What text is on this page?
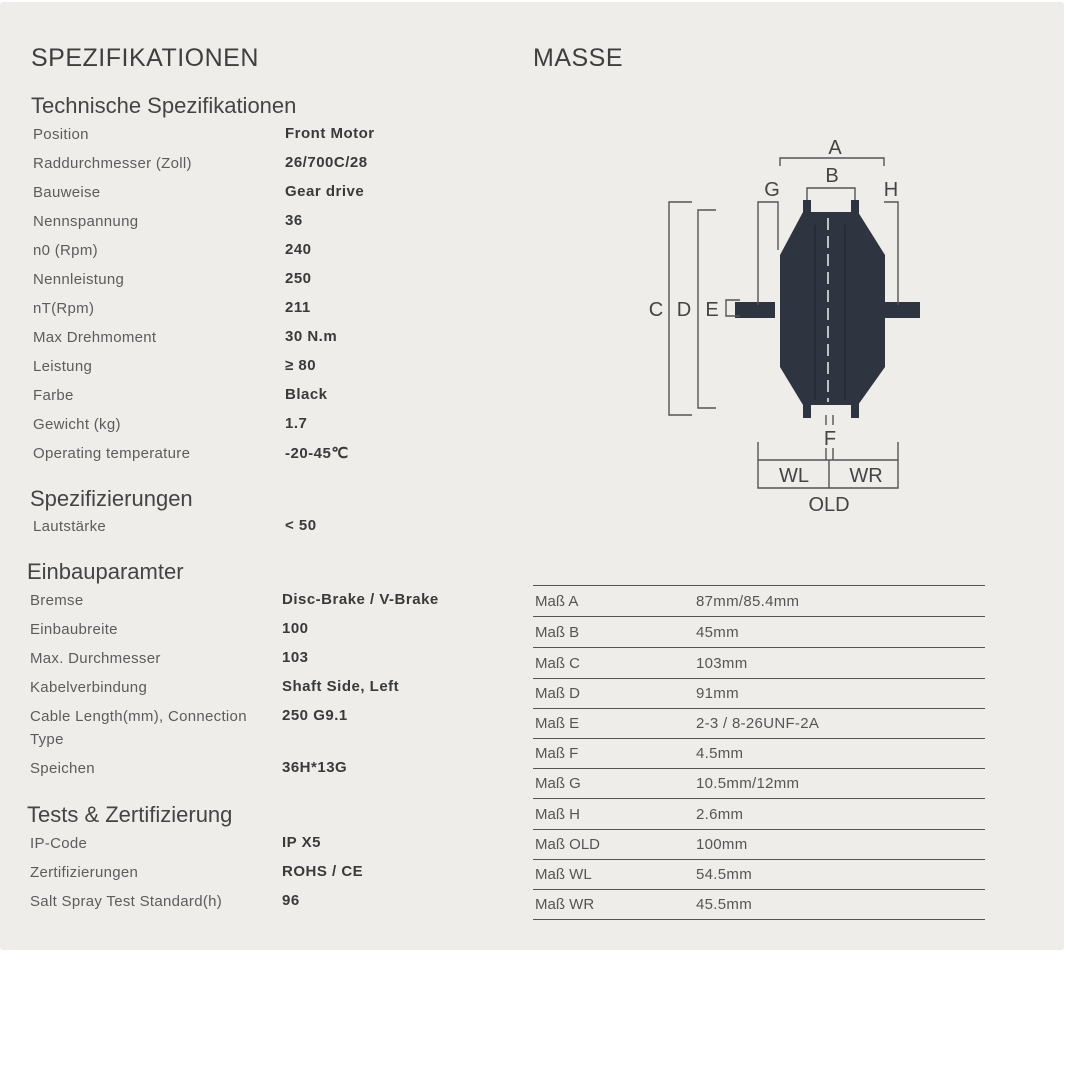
SPEZIFIKATIONEN	MASSE
Technische Spezifikationen
Position	Front Motor
Raddurchmesser (Zoll)	26/700C/28
Bauweise	Gear drive
Nennspannung	36
n0 (Rpm)	240
Nennleistung	250
nT(Rpm)	211
Max Drehmoment	30 N.m
Leistung	≥ 80
Farbe	Black
Gewicht (kg)	1.7
Operating temperature	-20-45℃
Spezifizierungen
Lautstärke	< 50
Einbauparamter
Bremse	Disc-Brake / V-Brake
Einbaubreite	100
Max. Durchmesser	103
Kabelverbindung	Shaft Side, Left
Cable Length(mm), Connection Type
250 G9.1
Speichen	36H*13G
Tests & Zertifizierung
IP-Code	IP X5
Zertifizierungen	ROHS / CE
Salt Spray Test Standard(h)	96
A
B
G	H
C D E
F
WL WR
OLD
Maß A	87mm/85.4mm
Maß B	45mm
Maß C	103mm
Maß D	91mm
Maß E	2-3 / 8-26UNF-2A
Maß F	4.5mm
Maß G	10.5mm/12mm
Maß H	2.6mm
Maß OLD	100mm
Maß WL	54.5mm
Maß WR	45.5mm
